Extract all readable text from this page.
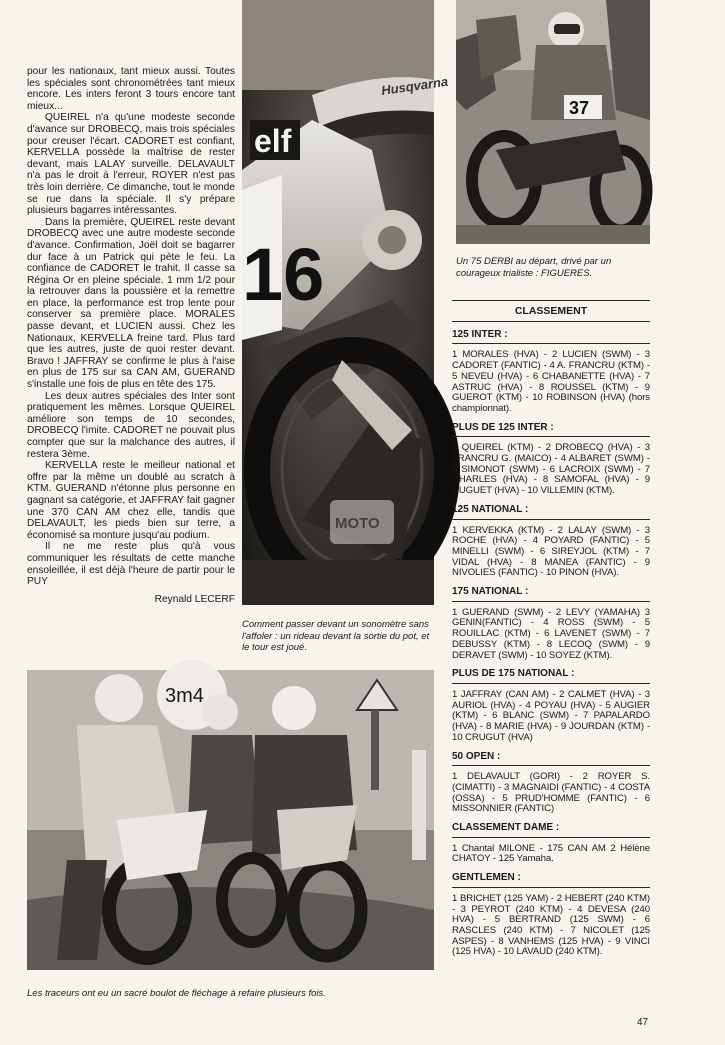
pour les nationaux, tant mieux aussi. Toutes les spéciales sont chronométrées tant mieux encore. Les inters feront 3 tours encore tant mieux...

QUEIREL n'a qu'une modeste seconde d'avance sur DROBECQ, mais trois spéciales pour creuser l'écart. CADORET est confiant, KERVELLA possède la maîtrise de rester devant, mais LALAY surveille. DELAVAULT n'a pas le droit à l'erreur, ROYER n'est pas très loin derrière. Ce dimanche, tout le monde se rue dans la spéciale. Il s'y prépare plusieurs bagarres intéressantes.

Dans la première, QUEIREL reste devant DROBECQ avec une autre modeste seconde d'avance. Confirmation, Joël doit se bagarrer dur face à un Patrick qui pète le feu. La confiance de CADORET le trahit. Il casse sa Régina Or en pleine spéciale. 1 mm 1/2 pour la retrouver dans la poussière et la remettre en place, la performance est trop lente pour conserver sa première place. MORALES passe devant, et LUCIEN aussi. Chez les Nationaux, KERVELLA freine tard. Plus tard que les autres, juste de quoi rester devant. Bravo ! JAFFRAY se confirme le plus à l'aise en plus de 175 sur sa CAN AM, GUERAND s'installe une fois de plus en tête des 175.

Les deux autres spéciales des Inter sont pratiquement les mêmes. Lorsque QUEIREL améliore son temps de 10 secondes, DROBECQ l'imite. CADORET ne pouvait plus compter que sur la malchance des autres, il restera 3ème.

KERVELLA reste le meilleur national et offre par la même un doublé au scratch à KTM. GUERAND n'étonne plus personne en gagnant sa catégorie, et JAFFRAY fait gagner une 370 CAN AM chez elle, tandis que DELAVAULT, les pieds bien sur terre, a économisé sa monture jusqu'au podium.

Il ne me reste plus qu'à vous communiquer les résultats de cette manche ensoleillée, il est déjà l'heure de partir pour le PUY

Reynald LECERF
Husqvarna
elf
16
MOTO
Comment passer devant un sonomètre sans l'affoler : un rideau devant la sortie du pot, et le tour est joué.
37
Un 75 DERBI au départ, drivé par un courageux trialiste : FIGUERES.
3m4
Les traceurs ont eu un sacré boulot de fléchage à refaire plusieurs fois.
CLASSEMENT
125 INTER :
1 MORALES (HVA) - 2 LUCIEN (SWM) - 3 CADORET (FANTIC) - 4 A. FRANCRU (KTM) - 5 NEVEU (HVA) - 6 CHABANETTE (HVA) - 7 ASTRUC (HVA) - 8 ROUSSEL (KTM) - 9 GUEROT (KTM) - 10 ROBINSON (HVA) (hors championnat).
PLUS DE 125 INTER :
1 QUEIREL (KTM) - 2 DROBECQ (HVA) - 3 FRANCRU G. (MAICO) - 4 ALBARET (SWM) - 5 SIMONOT (SWM) - 6 LACROIX (SWM) - 7 CHARLES (HVA) - 8 SAMOFAL (HVA) - 9 HUGUET (HVA) - 10 VILLEMIN (KTM).
125 NATIONAL :
1 KERVEKKA (KTM) - 2 LALAY (SWM) - 3 ROCHE (HVA) - 4 POYARD (FANTIC) - 5 MINELLI (SWM) - 6 SIREYJOL (KTM) - 7 VIDAL (HVA) - 8 MANEA (FANTIC) - 9 NIVOLIES (FANTIC) - 10 PINON (HVA).
175 NATIONAL :
1 GUERAND (SWM) - 2 LEVY (YAMAHA) 3 GENIN(FANTIC) - 4 ROSS (SWM) - 5 ROUILLAC (KTM) - 6 LAVENET (SWM) - 7 DEBUSSY (KTM) - 8 LECOQ (SWM) - 9 DERAVET (SWM) - 10 SOYEZ (KTM).
PLUS DE 175 NATIONAL :
1 JAFFRAY (CAN AM) - 2 CALMET (HVA) - 3 AURIOL (HVA) - 4 POYAU (HVA) - 5 AUGIER (KTM) - 6 BLANC (SWM) - 7 PAPALARDO (HVA) - 8 MARIE (HVA) - 9 JOURDAN (KTM) - 10 CRUGUT (HVA)
50 OPEN :
1 DELAVAULT (GORI) - 2 ROYER S. (CIMATTI) - 3 MAGNAIDI (FANTIC) - 4 COSTA (OSSA) - 5 PRUD'HOMME (FANTIC) - 6 MISSONNIER (FANTIC)
CLASSEMENT DAME :
1 Chantal MILONE - 175 CAN AM 2 Hélène CHATOY - 125 Yamaha.
GENTLEMEN :
1 BRICHET (125 YAM) - 2 HEBERT (240 KTM) - 3 PEYROT (240 KTM) - 4 DEVESA (240 HVA) - 5 BERTRAND (125 SWM) - 6 RASCLES (240 KTM) - 7 NICOLET (125 ASPES) - 8 VANHEMS (125 HVA) - 9 VINCI (125 HVA) - 10 LAVAUD (240 KTM).
47
